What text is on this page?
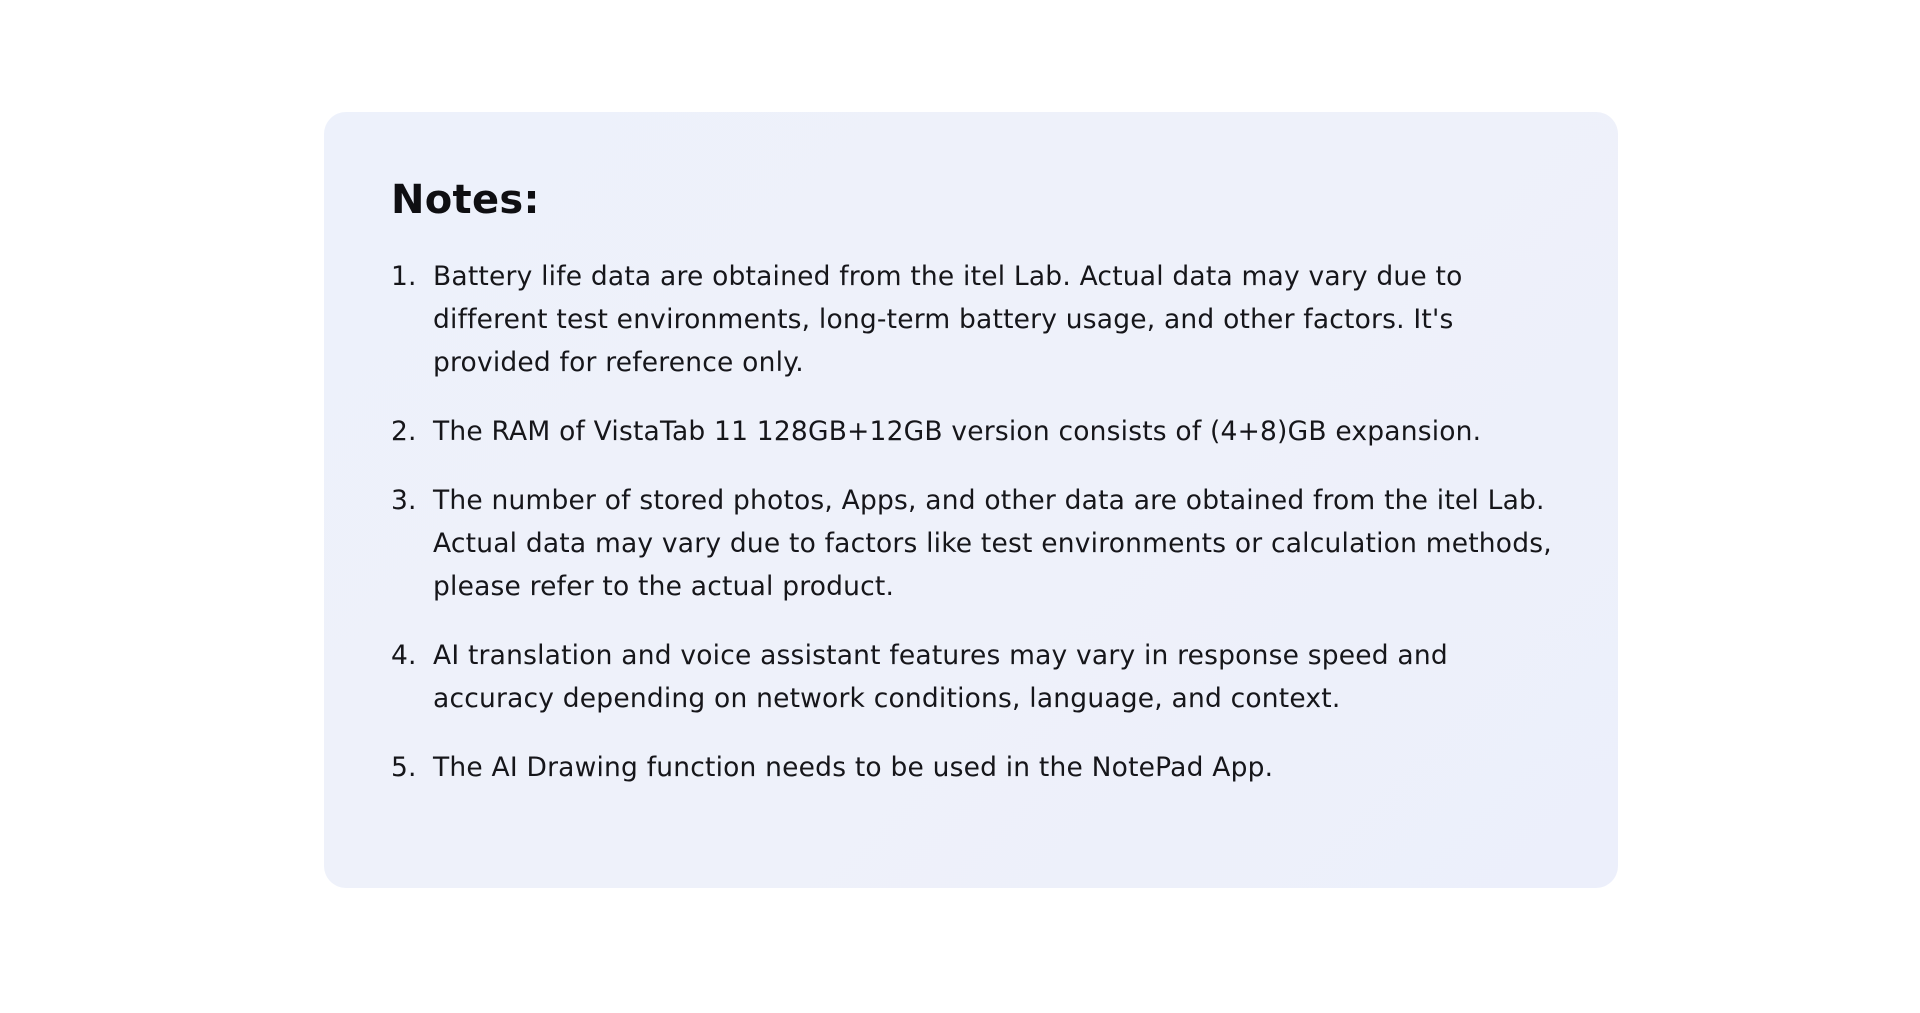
Notes:
1. Battery life data are obtained from the itel Lab. Actual data may vary due to different test environments, long-term battery usage, and other factors. It's provided for reference only.
2. The RAM of VistaTab 11 128GB+12GB version consists of (4+8)GB expansion.
3. The number of stored photos, Apps, and other data are obtained from the itel Lab. Actual data may vary due to factors like test environments or calculation methods, please refer to the actual product.
4. AI translation and voice assistant features may vary in response speed and accuracy depending on network conditions, language, and context.
5. The AI Drawing function needs to be used in the NotePad App.
